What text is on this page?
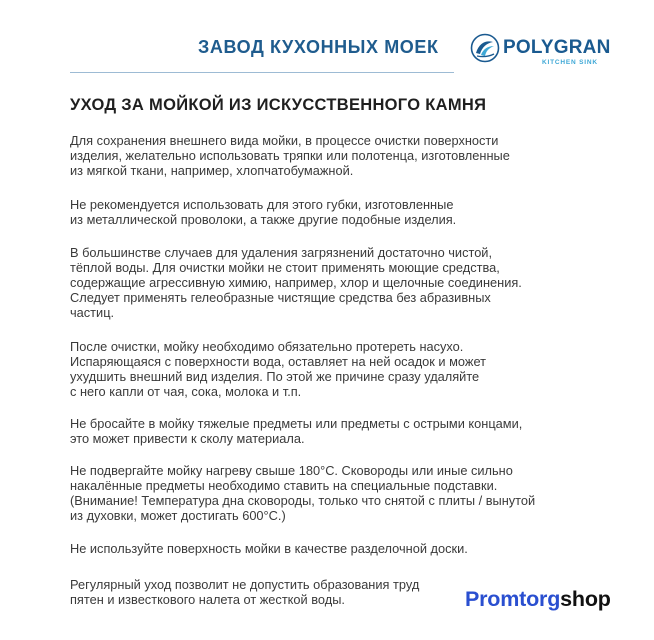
ЗАВОД КУХОННЫХ МОЕК	POLYGRAN
KITCHEN SINK
УХОД ЗА МОЙКОЙ ИЗ ИСКУССТВЕННОГО КАМНЯ

Для сохранения внешнего вида мойки, в процессе очистки поверхности
изделия, желательно использовать тряпки или полотенца, изготовленные
из мягкой ткани, например, хлопчатобумажной.

Не рекомендуется использовать для этого губки, изготовленные
из металлической проволоки, а также другие подобные изделия.

В большинстве случаев для удаления загрязнений достаточно чистой,
тёплой воды. Для очистки мойки не стоит применять моющие средства,
содержащие агрессивную химию, например, хлор и щелочные соединения.
Следует применять гелеобразные чистящие средства без абразивных
частиц.

После очистки, мойку необходимо обязательно протереть насухо.
Испаряющаяся с поверхности вода, оставляет на ней осадок и может
ухудшить внешний вид изделия. По этой же причине сразу удаляйте
с него капли от чая, сока, молока и т.п.

Не бросайте в мойку тяжелые предметы или предметы с острыми концами,
это может привести к сколу материала.

Не подвергайте мойку нагреву свыше 180°С. Сковороды или иные сильно
накалённые предметы необходимо ставить на специальные подставки.
(Внимание! Температура дна сковороды, только что снятой с плиты / вынутой
из духовки, может достигать 600°С.)

Не используйте поверхность мойки в качестве разделочной доски.

Регулярный уход позволит не допустить образования труд
пятен и известкового налета от жесткой воды.	Promtorgshop
